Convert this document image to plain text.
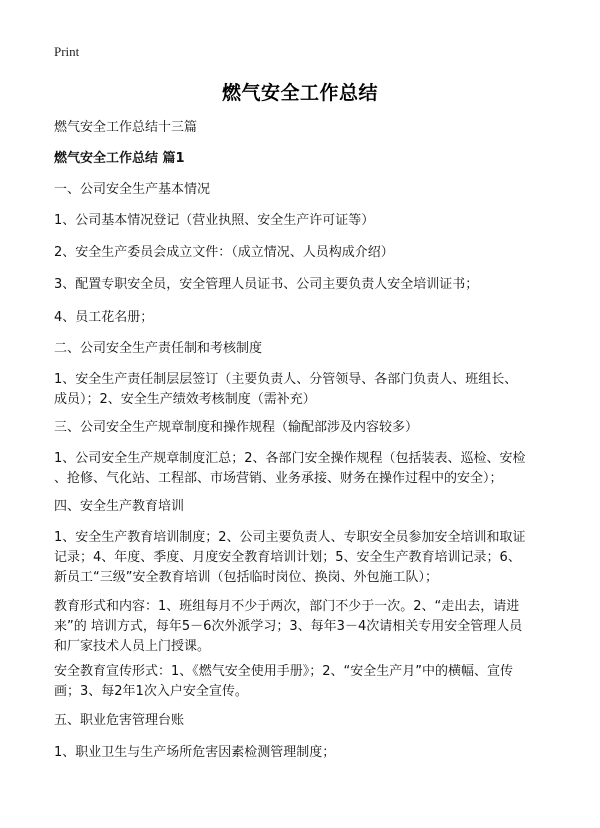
Print
燃气安全工作总结
燃气安全工作总结十三篇
燃气安全工作总结 篇1
一、公司安全生产基本情况
1、公司基本情况登记（营业执照、安全生产许可证等）
2、安全生产委员会成立文件：（成立情况、人员构成介绍）
3、配置专职安全员，安全管理人员证书、公司主要负责人安全培训证书；
4、员工花名册；
二、公司安全生产责任制和考核制度
1、安全生产责任制层层签订（主要负责人、分管领导、各部门负责人、班组长、
成员）；2、安全生产绩效考核制度（需补充）
三、公司安全生产规章制度和操作规程（输配部涉及内容较多）
1、公司安全生产规章制度汇总；2、各部门安全操作规程（包括装表、巡检、安检
、抢修、气化站、工程部、市场营销、业务承接、财务在操作过程中的安全）；
四、安全生产教育培训
1、安全生产教育培训制度；2、公司主要负责人、专职安全员参加安全培训和取证
记录；4、年度、季度、月度安全教育培训计划；5、安全生产教育培训记录；6、
新员工“三级”安全教育培训（包括临时岗位、换岗、外包施工队）；
教育形式和内容：1、班组每月不少于两次，部门不少于一次。2、“走出去，请进
来”的 培训方式，每年5－6次外派学习；3、每年3－4次请相关专用安全管理人员
和厂家技术人员上门授课。
安全教育宣传形式：1、《燃气安全使用手册》；2、“安全生产月”中的横幅、宣传
画；3、每2年1次入户安全宣传。
五、职业危害管理台账
1、职业卫生与生产场所危害因素检测管理制度；
